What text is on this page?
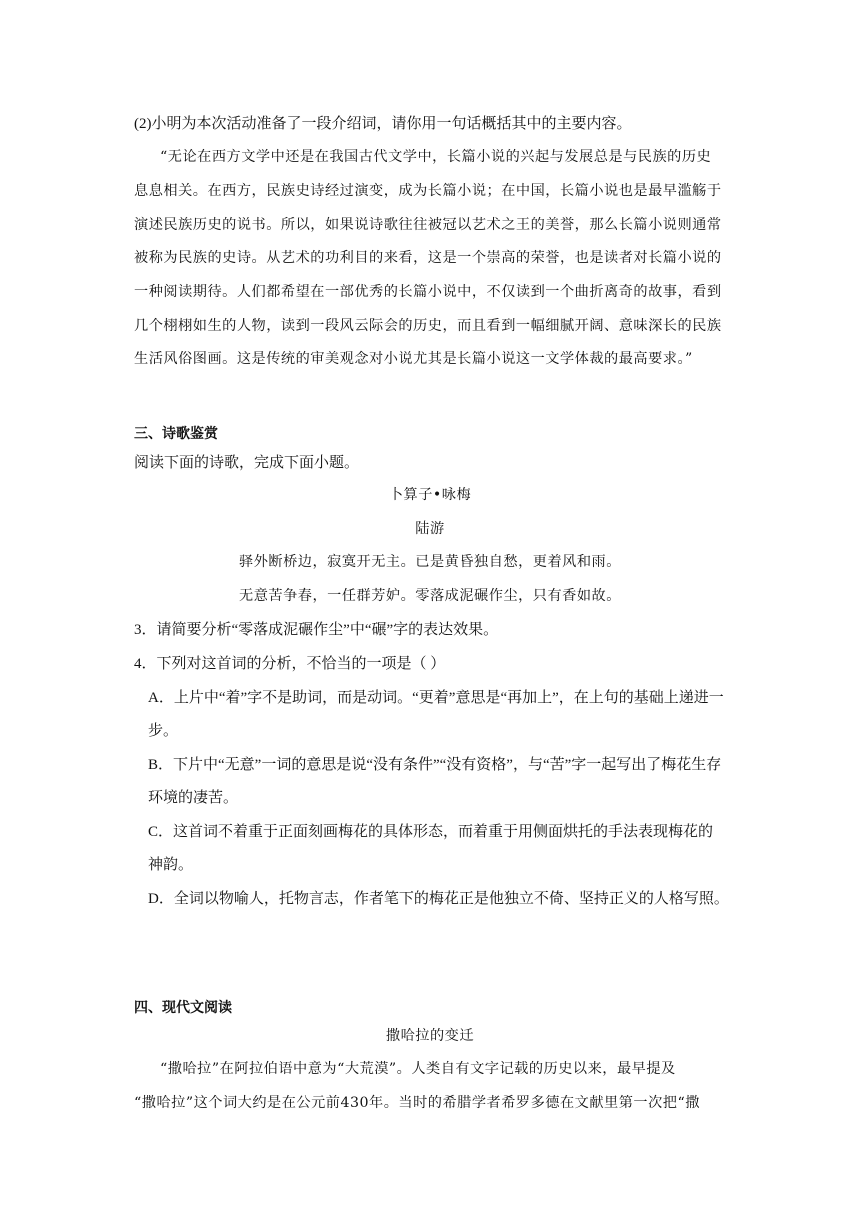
(2)小明为本次活动准备了一段介绍词，请你用一句话概括其中的主要内容。
“无论在西方文学中还是在我国古代文学中，长篇小说的兴起与发展总是与民族的历史
息息相关。在西方，民族史诗经过演变，成为长篇小说；在中国，长篇小说也是最早滥觞于
演述民族历史的说书。所以，如果说诗歌往往被冠以艺术之王的美誉，那么长篇小说则通常
被称为民族的史诗。从艺术的功利目的来看，这是一个崇高的荣誉，也是读者对长篇小说的
一种阅读期待。人们都希望在一部优秀的长篇小说中，不仅读到一个曲折离奇的故事，看到
几个栩栩如生的人物，读到一段风云际会的历史，而且看到一幅细腻开阔、意味深长的民族
生活风俗图画。这是传统的审美观念对小说尤其是长篇小说这一文学体裁的最高要求。”
三、诗歌鉴赏
阅读下面的诗歌，完成下面小题。
卜算子•咏梅
陆游
驿外断桥边，寂寞开无主。已是黄昏独自愁，更着风和雨。
无意苦争春，一任群芳妒。零落成泥碾作尘，只有香如故。
3．请简要分析“零落成泥碾作尘”中“碾”字的表达效果。
4．下列对这首词的分析，不恰当的一项是（ ）
A．上片中“着”字不是助词，而是动词。“更着”意思是“再加上”，在上句的基础上递进一
步。
B．下片中“无意”一词的意思是说“没有条件”“没有资格”，与“苦”字一起写出了梅花生存
环境的凄苦。
C．这首词不着重于正面刻画梅花的具体形态，而着重于用侧面烘托的手法表现梅花的
神韵。
D．全词以物喻人，托物言志，作者笔下的梅花正是他独立不倚、坚持正义的人格写照。
四、现代文阅读
撒哈拉的变迁
“撒哈拉”在阿拉伯语中意为“大荒漠”。人类自有文字记载的历史以来，最早提及
“撒哈拉”这个词大约是在公元前430年。当时的希腊学者希罗多德在文献里第一次把“撒
